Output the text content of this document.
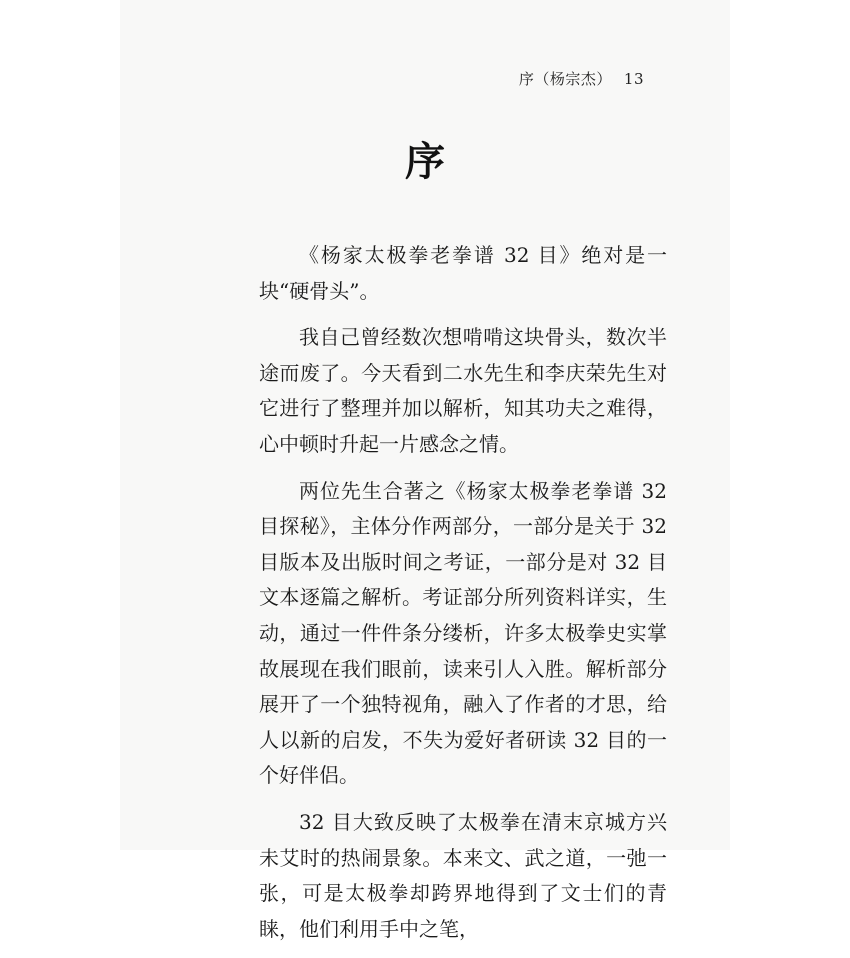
序（杨宗杰） 13
序

《杨家太极拳老拳谱 32 目》绝对是一块“硬骨头”。

我自己曾经数次想啃啃这块骨头，数次半途而废了。今天看到二水先生和李庆荣先生对它进行了整理并加以解析，知其功夫之难得，心中顿时升起一片感念之情。

两位先生合著之《杨家太极拳老拳谱 32 目探秘》，主体分作两部分，一部分是关于 32 目版本及出版时间之考证，一部分是对 32 目文本逐篇之解析。考证部分所列资料详实，生动，通过一件件条分缕析，许多太极拳史实掌故展现在我们眼前，读来引人入胜。解析部分展开了一个独特视角，融入了作者的才思，给人以新的启发，不失为爱好者研读 32 目的一个好伴侣。

32 目大致反映了太极拳在清末京城方兴未艾时的热闹景象。本来文、武之道，一弛一张，可是太极拳却跨界地得到了文士们的青睐，他们利用手中之笔，
